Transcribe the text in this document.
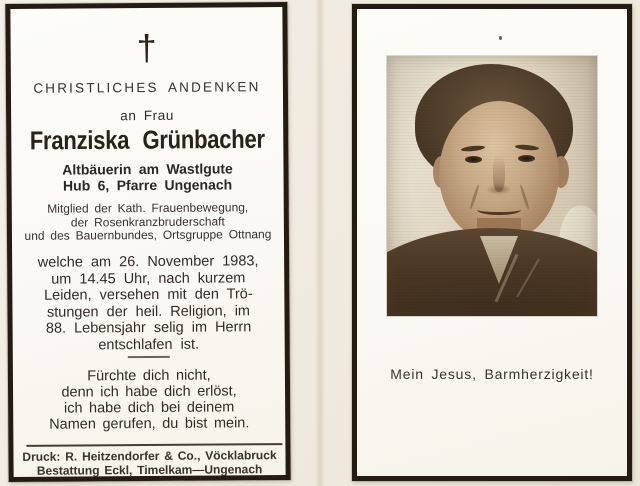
†
CHRISTLICHES ANDENKEN
an Frau
Franziska Grünbacher
Altbäuerin am Wastlgute
Hub 6, Pfarre Ungenach
Mitglied der Kath. Frauenbewegung,
der Rosenkranzbruderschaft
und des Bauernbundes, Ortsgruppe Ottnang
welche am 26. November 1983,
um 14.45 Uhr, nach kurzem
Leiden, versehen mit den Trö-
stungen der heil. Religion, im
88. Lebensjahr selig im Herrn
entschlafen ist.
Fürchte dich nicht,
denn ich habe dich erlöst,
ich habe dich bei deinem
Namen gerufen, du bist mein.
Druck: R. Heitzendorfer & Co., Vöcklabruck
Bestattung Eckl, Timelkam—Ungenach
Mein Jesus, Barmherzigkeit!
